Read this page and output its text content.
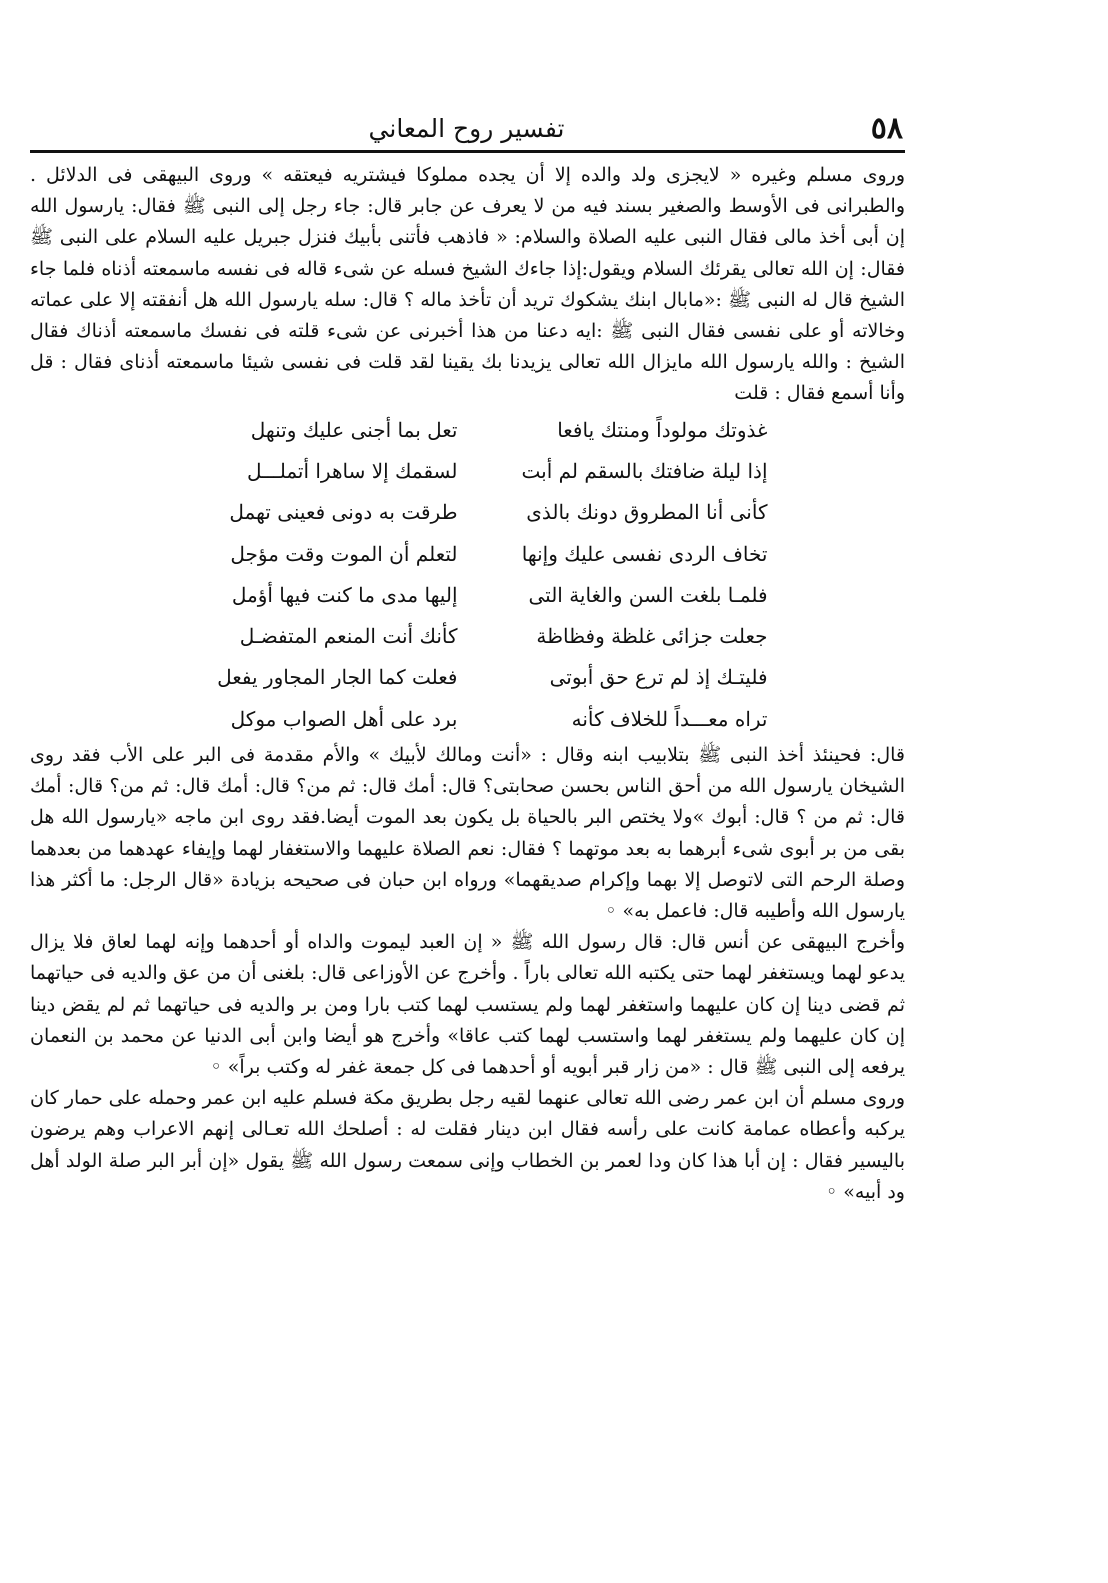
تفسير روح المعاني	٥٨

وروى مسلم وغيره « لايجزى ولد والده إلا أن يجده مملوكا فيشتريه فيعتقه » وروى البيهقى فى الدلائل . والطبرانى فى الأوسط والصغير بسند فيه من لا يعرف عن جابر قال: جاء رجل إلى النبى ﷺ فقال: يارسول الله إن أبى أخذ مالى فقال النبى عليه الصلاة والسلام: « فاذهب فأتنى بأبيك فنزل جبريل عليه السلام على النبى ﷺ فقال: إن الله تعالى يقرئك السلام ويقول:إذا جاءك الشيخ فسله عن شىء قاله فى نفسه ماسمعته أذناه فلما جاء الشيخ قال له النبى ﷺ :«مابال ابنك يشكوك تريد أن تأخذ ماله ؟ قال: سله يارسول الله هل أنفقته إلا على عماته وخالاته أو على نفسى فقال النبى ﷺ :ايه دعنا من هذا أخبرنى عن شىء قلته فى نفسك ماسمعته أذناك فقال الشيخ : والله يارسول الله مايزال الله تعالى يزيدنا بك يقينا لقد قلت فى نفسى شيئا ماسمعته أذناى فقال : قل وأنا أسمع فقال : قلت

غذوتك مولوداً ومنتك يافعا
تعل بما أجنى عليك وتنهل
إذا ليلة ضافتك بالسقم لم أبت
لسقمك إلا ساهرا أتملـــل
كأنى أنا المطروق دونك بالذى
طرقت به دونى فعينى تهمل
تخاف الردى نفسى عليك وإنها
لتعلم أن الموت وقت مؤجل
فلمـا بلغت السن والغاية التى
إليها مدى ما كنت فيها أؤمل
جعلت جزائى غلظة وفظاظة
كأنك أنت المنعم المتفضـل
فليتـك إذ لم ترع حق أبوتى
فعلت كما الجار المجاور يفعل
تراه معـــداً للخلاف كأنه
برد على أهل الصواب موكل

قال: فحينئذ أخذ النبى ﷺ بتلابيب ابنه وقال : «أنت ومالك لأبيك » والأم مقدمة فى البر على الأب فقد روى الشيخان يارسول الله من أحق الناس بحسن صحابتى؟ قال: أمك قال: ثم من؟ قال: أمك قال: ثم من؟ قال: أمك قال: ثم من ؟ قال: أبوك »ولا يختص البر بالحياة بل يكون بعد الموت أيضا.فقد روى ابن ماجه «يارسول الله هل بقى من بر أبوى شىء أبرهما به بعد موتهما ؟ فقال: نعم الصلاة عليهما والاستغفار لهما وإيفاء عهدهما من بعدهما وصلة الرحم التى لاتوصل إلا بهما وإكرام صديقهما» ورواه ابن حبان فى صحيحه بزيادة «قال الرجل: ما أكثر هذا يارسول الله وأطيبه قال: فاعمل به» ◦

وأخرج البيهقى عن أنس قال: قال رسول الله ﷺ « إن العبد ليموت والداه أو أحدهما وإنه لهما لعاق فلا يزال يدعو لهما ويستغفر لهما حتى يكتبه الله تعالى باراً . وأخرج عن الأوزاعى قال: بلغنى أن من عق والديه فى حياتهما ثم قضى دينا إن كان عليهما واستغفر لهما ولم يستسب لهما كتب بارا ومن بر والديه فى حياتهما ثم لم يقض دينا إن كان عليهما ولم يستغفر لهما واستسب لهما كتب عاقا» وأخرج هو أيضا وابن أبى الدنيا عن محمد بن النعمان يرفعه إلى النبى ﷺ قال : «من زار قبر أبويه أو أحدهما فى كل جمعة غفر له وكتب براً» ◦

وروى مسلم أن ابن عمر رضى الله تعالى عنهما لقيه رجل بطريق مكة فسلم عليه ابن عمر وحمله على حمار كان يركبه وأعطاه عمامة كانت على رأسه فقال ابن دينار فقلت له : أصلحك الله تعـالى إنهم الاعراب وهم يرضون باليسير فقال : إن أبا هذا كان ودا لعمر بن الخطاب وإنى سمعت رسول الله ﷺ يقول «إن أبر البر صلة الولد أهل ود أبيه» ◦
